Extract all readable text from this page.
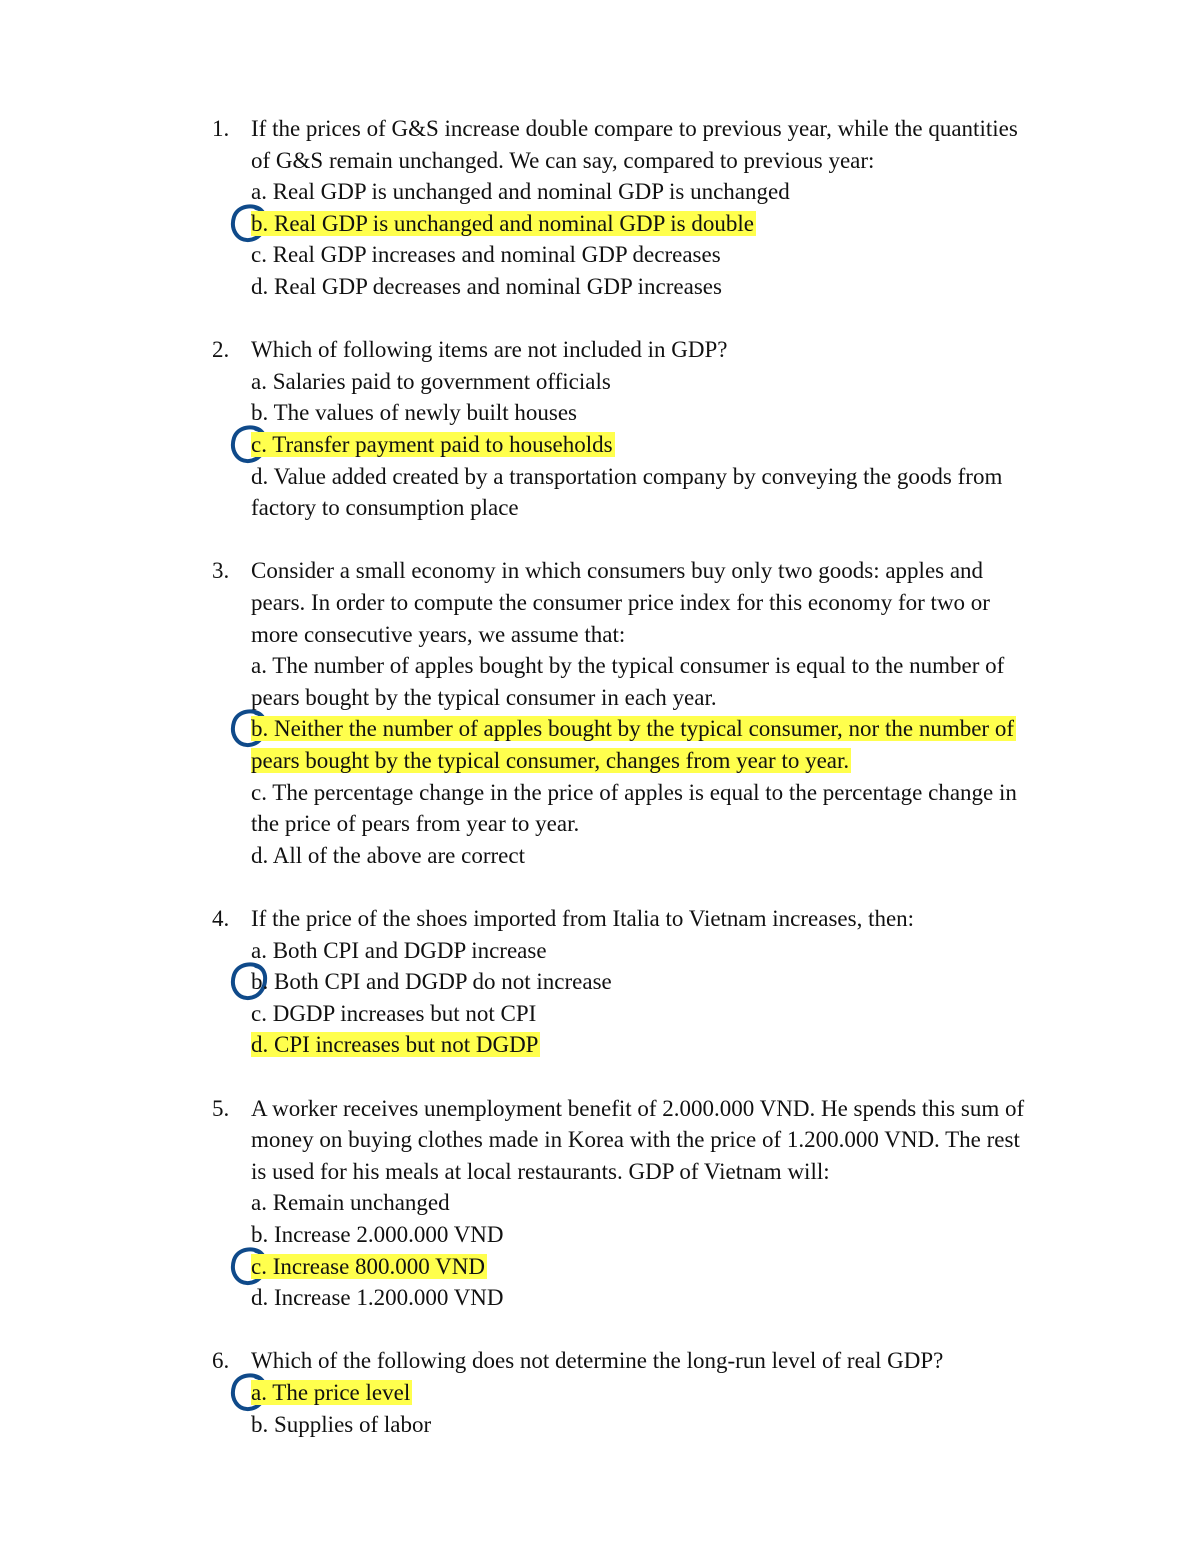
1. If the prices of G&S increase double compare to previous year, while the quantities
of G&S remain unchanged. We can say, compared to previous year:
a. Real GDP is unchanged and nominal GDP is unchanged
b. Real GDP is unchanged and nominal GDP is double
c. Real GDP increases and nominal GDP decreases
d. Real GDP decreases and nominal GDP increases
2. Which of following items are not included in GDP?
a. Salaries paid to government officials
b. The values of newly built houses
c. Transfer payment paid to households
d. Value added created by a transportation company by conveying the goods from
factory to consumption place
3. Consider a small economy in which consumers buy only two goods: apples and
pears. In order to compute the consumer price index for this economy for two or
more consecutive years, we assume that:
a. The number of apples bought by the typical consumer is equal to the number of
pears bought by the typical consumer in each year.
b. Neither the number of apples bought by the typical consumer, nor the number of
pears bought by the typical consumer, changes from year to year.
c. The percentage change in the price of apples is equal to the percentage change in
the price of pears from year to year.
d. All of the above are correct
4. If the price of the shoes imported from Italia to Vietnam increases, then:
a. Both CPI and DGDP increase
b. Both CPI and DGDP do not increase
c. DGDP increases but not CPI
d. CPI increases but not DGDP
5. A worker receives unemployment benefit of 2.000.000 VND. He spends this sum of
money on buying clothes made in Korea with the price of 1.200.000 VND. The rest
is used for his meals at local restaurants. GDP of Vietnam will:
a. Remain unchanged
b. Increase 2.000.000 VND
c. Increase 800.000 VND
d. Increase 1.200.000 VND
6. Which of the following does not determine the long-run level of real GDP?
a. The price level
b. Supplies of labor
